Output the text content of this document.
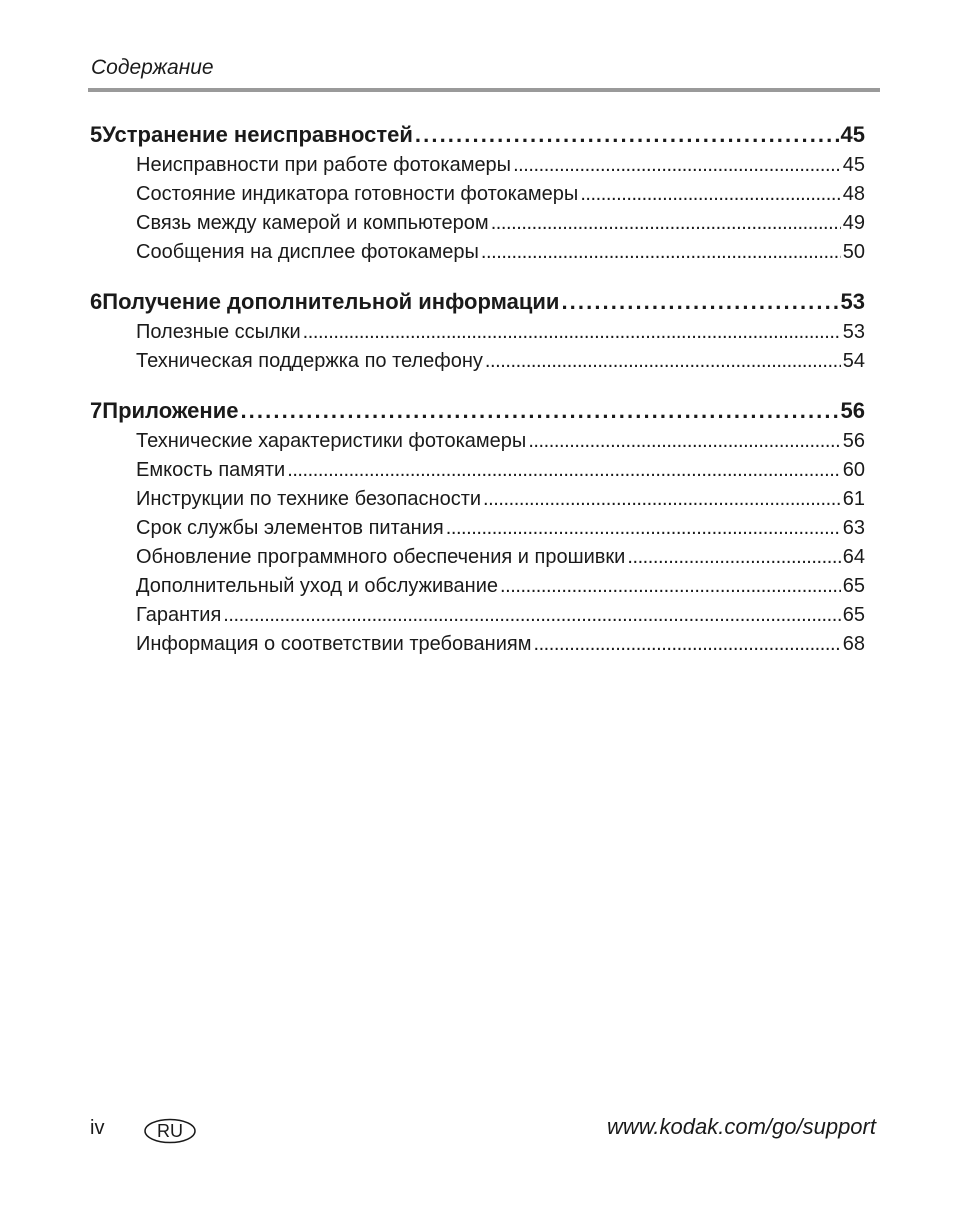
Содержание
5 Устранение неисправностей . . .	45
Неисправности при работе фотокамеры . . .	45
Состояние индикатора готовности фотокамеры . . .	48
Связь между камерой и компьютером . . .	49
Сообщения на дисплее фотокамеры . . .	50
6 Получение дополнительной информации . . .	53
Полезные ссылки . . .	53
Техническая поддержка по телефону . . .	54
7 Приложение . . .	56
Технические характеристики фотокамеры . . .	56
Емкость памяти . . .	60
Инструкции по технике безопасности . . .	61
Срок службы элементов питания . . .	63
Обновление программного обеспечения и прошивки . . .	64
Дополнительный уход и обслуживание . . .	65
Гарантия . . .	65
Информация о соответствии требованиям . . .	68
iv	RU	www.kodak.com/go/support
